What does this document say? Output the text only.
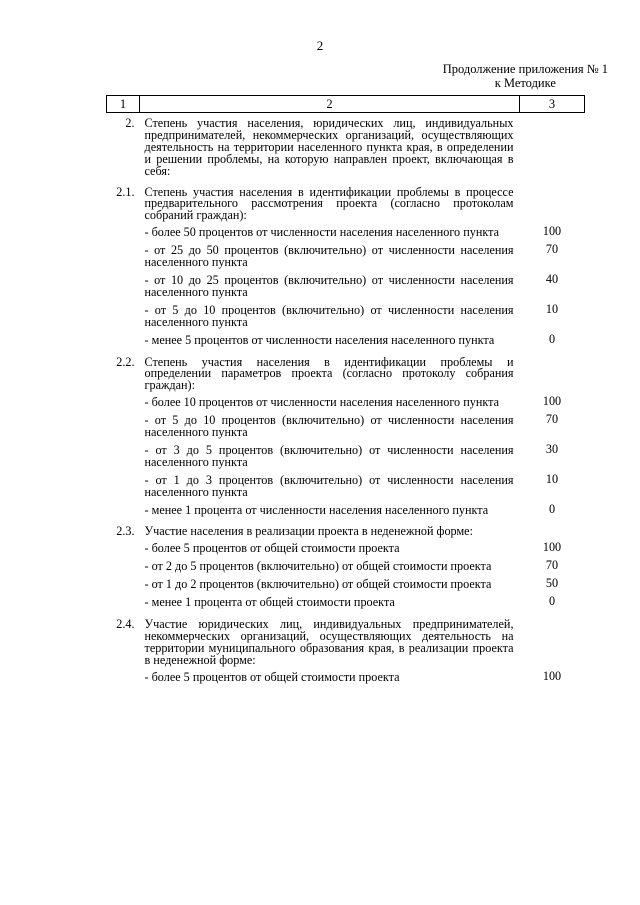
2
Продолжение приложения № 1
к Методике
1	2	3
2.	Степень участия населения, юридических лиц, индивидуальных предпринимателей, некоммерческих организаций, осуществляющих деятельность на территории населенного пункта края, в определении и решении проблемы, на которую направлен проект, включающая в себя:	
2.1.	Степень участия населения в идентификации проблемы в процессе предварительного рассмотрения проекта (согласно протоколам собраний граждан):	
	- более 50 процентов от численности населения населенного пункта	100
	- от 25 до 50 процентов (включительно) от численности населения населенного пункта	70
	- от 10 до 25 процентов (включительно) от численности населения населенного пункта	40
	- от 5 до 10 процентов (включительно) от численности населения населенного пункта	10
	- менее 5 процентов от численности населения населенного пункта	0
2.2.	Степень участия населения в идентификации проблемы и определении параметров проекта (согласно протоколу собрания граждан):	
	- более 10 процентов от численности населения населенного пункта	100
	- от 5 до 10 процентов (включительно) от численности населения населенного пункта	70
	- от 3 до 5 процентов (включительно) от численности населения населенного пункта	30
	- от 1 до 3 процентов (включительно) от численности населения населенного пункта	10
	- менее 1 процента от численности населения населенного пункта	0
2.3.	Участие населения в реализации проекта в неденежной форме:	
	- более 5 процентов от общей стоимости проекта	100
	- от 2 до 5 процентов (включительно) от общей стоимости проекта	70
	- от 1 до 2 процентов (включительно) от общей стоимости проекта	50
	- менее 1 процента от общей стоимости проекта	0
2.4.	Участие юридических лиц, индивидуальных предпринимателей, некоммерческих организаций, осуществляющих деятельность на территории муниципального образования края, в реализации проекта в неденежной форме:	
	- более 5 процентов от общей стоимости проекта	100
